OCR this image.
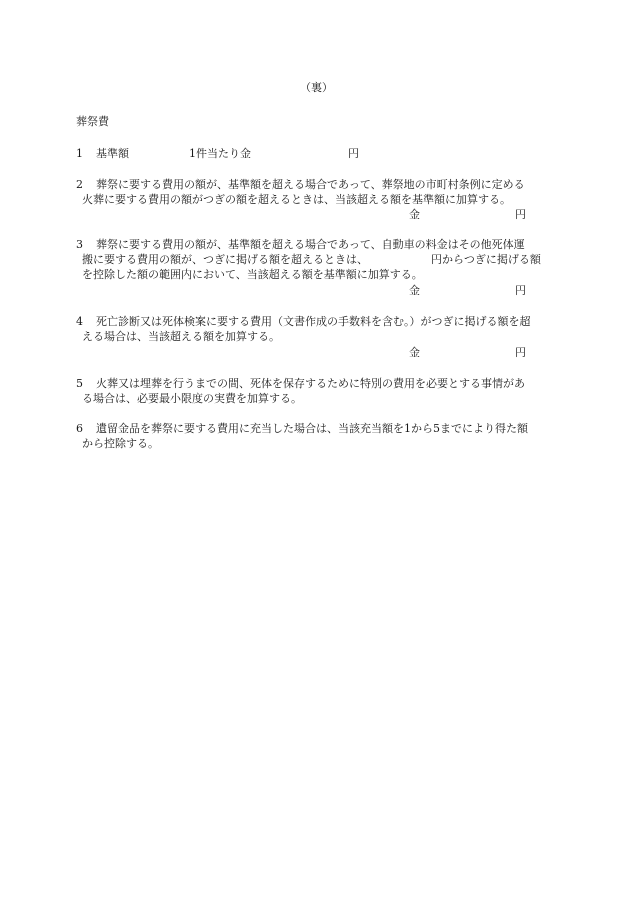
（裏）
葬祭費
1 基準額	1件当たり金	円
2 葬祭に要する費用の額が、基準額を超える場合であって、葬祭地の市町村条例に定める
火葬に要する費用の額がつぎの額を超えるときは、当該超える額を基準額に加算する。
金	円
3 葬祭に要する費用の額が、基準額を超える場合であって、自動車の料金はその他死体運
搬に要する費用の額が、つぎに掲げる額を超えるときは、	円からつぎに掲げる額
を控除した額の範囲内において、当該超える額を基準額に加算する。
金	円
4 死亡診断又は死体検案に要する費用（文書作成の手数料を含む。）がつぎに掲げる額を超
える場合は、当該超える額を加算する。
金	円
5 火葬又は埋葬を行うまでの間、死体を保存するために特別の費用を必要とする事情があ
る場合は、必要最小限度の実費を加算する。
6 遺留金品を葬祭に要する費用に充当した場合は、当該充当額を1から5までにより得た額
から控除する。
